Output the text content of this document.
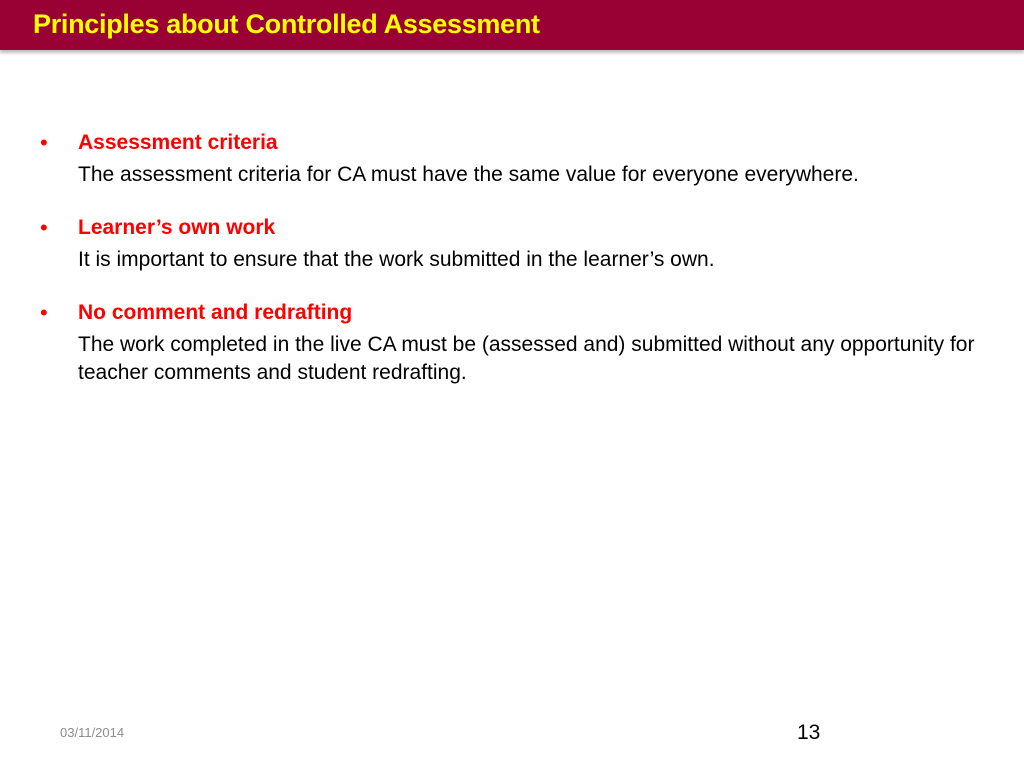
Principles about Controlled Assessment
• Assessment criteria
The assessment criteria for CA must have the same value for everyone everywhere.
• Learner’s own work
It is important to ensure that the work submitted in the learner’s own.
• No comment and redrafting
The work completed in the live CA must be (assessed and) submitted without any opportunity for teacher comments and student redrafting.
03/11/2014	13
